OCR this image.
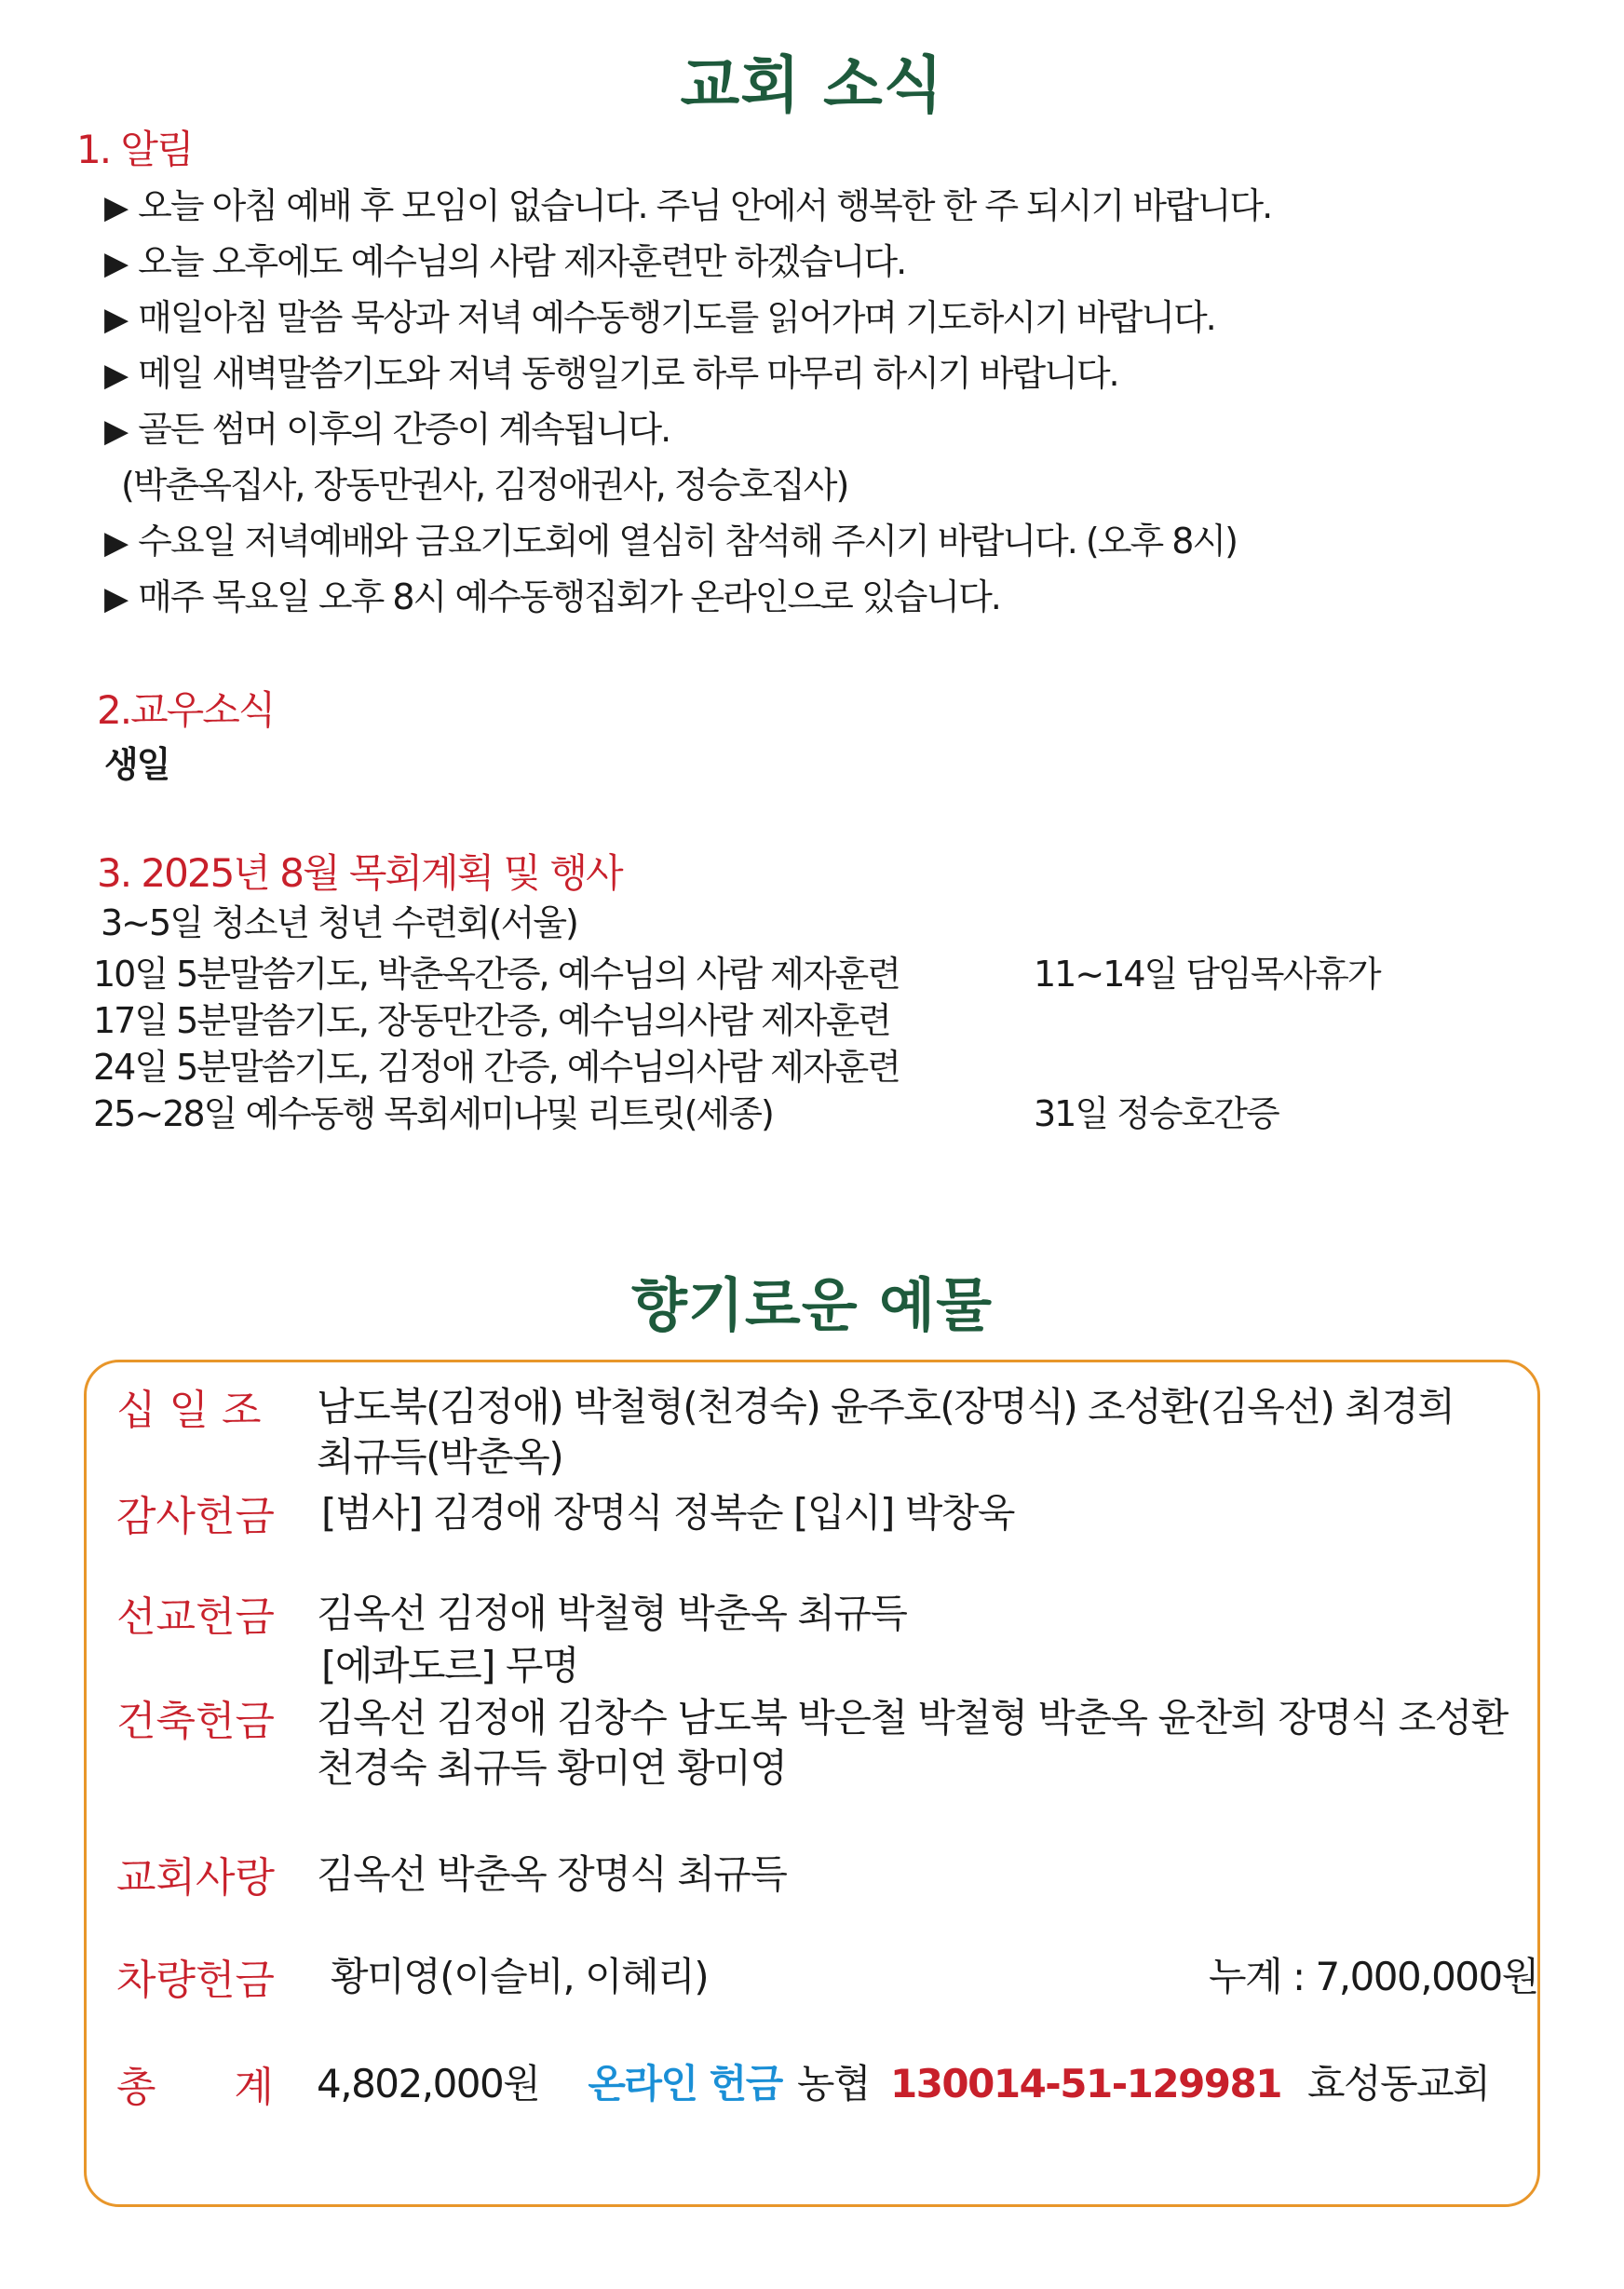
교회 소식
1. 알림
▶ 오늘 아침 예배 후 모임이 없습니다. 주님 안에서 행복한 한 주 되시기 바랍니다.
▶ 오늘 오후에도 예수님의 사람 제자훈련만 하겠습니다.
▶ 매일아침 말씀 묵상과 저녁 예수동행기도를 읽어가며 기도하시기 바랍니다.
▶ 메일 새벽말씀기도와 저녁 동행일기로 하루 마무리 하시기 바랍니다.
▶ 골든 썸머 이후의 간증이 계속됩니다.
(박춘옥집사, 장동만권사, 김정애권사, 정승호집사)
▶ 수요일 저녁예배와 금요기도회에 열심히 참석해 주시기 바랍니다. (오후 8시)
▶ 매주 목요일 오후 8시 예수동행집회가 온라인으로 있습니다.
2.교우소식
생일
3. 2025년 8월 목회계획 및 행사
3~5일 청소년 청년 수련회(서울)
10일 5분말씀기도, 박춘옥간증, 예수님의 사람 제자훈련
17일 5분말씀기도, 장동만간증, 예수님의사람 제자훈련
24일 5분말씀기도, 김정애 간증, 예수님의사람 제자훈련
25~28일 예수동행 목회세미나및 리트릿(세종)
11~14일 담임목사휴가
31일 정승호간증
향기로운 예물
십 일 조 남도북(김정애) 박철형(천경숙) 윤주호(장명식) 조성환(김옥선) 최경희
최규득(박춘옥)
감사헌금 [범사] 김경애 장명식 정복순 [입시] 박창욱
선교헌금 김옥선 김정애 박철형 박춘옥 최규득
[에콰도르] 무명
건축헌금 김옥선 김정애 김창수 남도북 박은철 박철형 박춘옥 윤찬희 장명식 조성환
천경숙 최규득 황미연 황미영
교회사랑 김옥선 박춘옥 장명식 최규득
차량헌금 황미영(이슬비, 이혜리)	누계 : 7,000,000원
총      계 4,802,000원 온라인 헌금 농협 130014-51-129981 효성동교회
